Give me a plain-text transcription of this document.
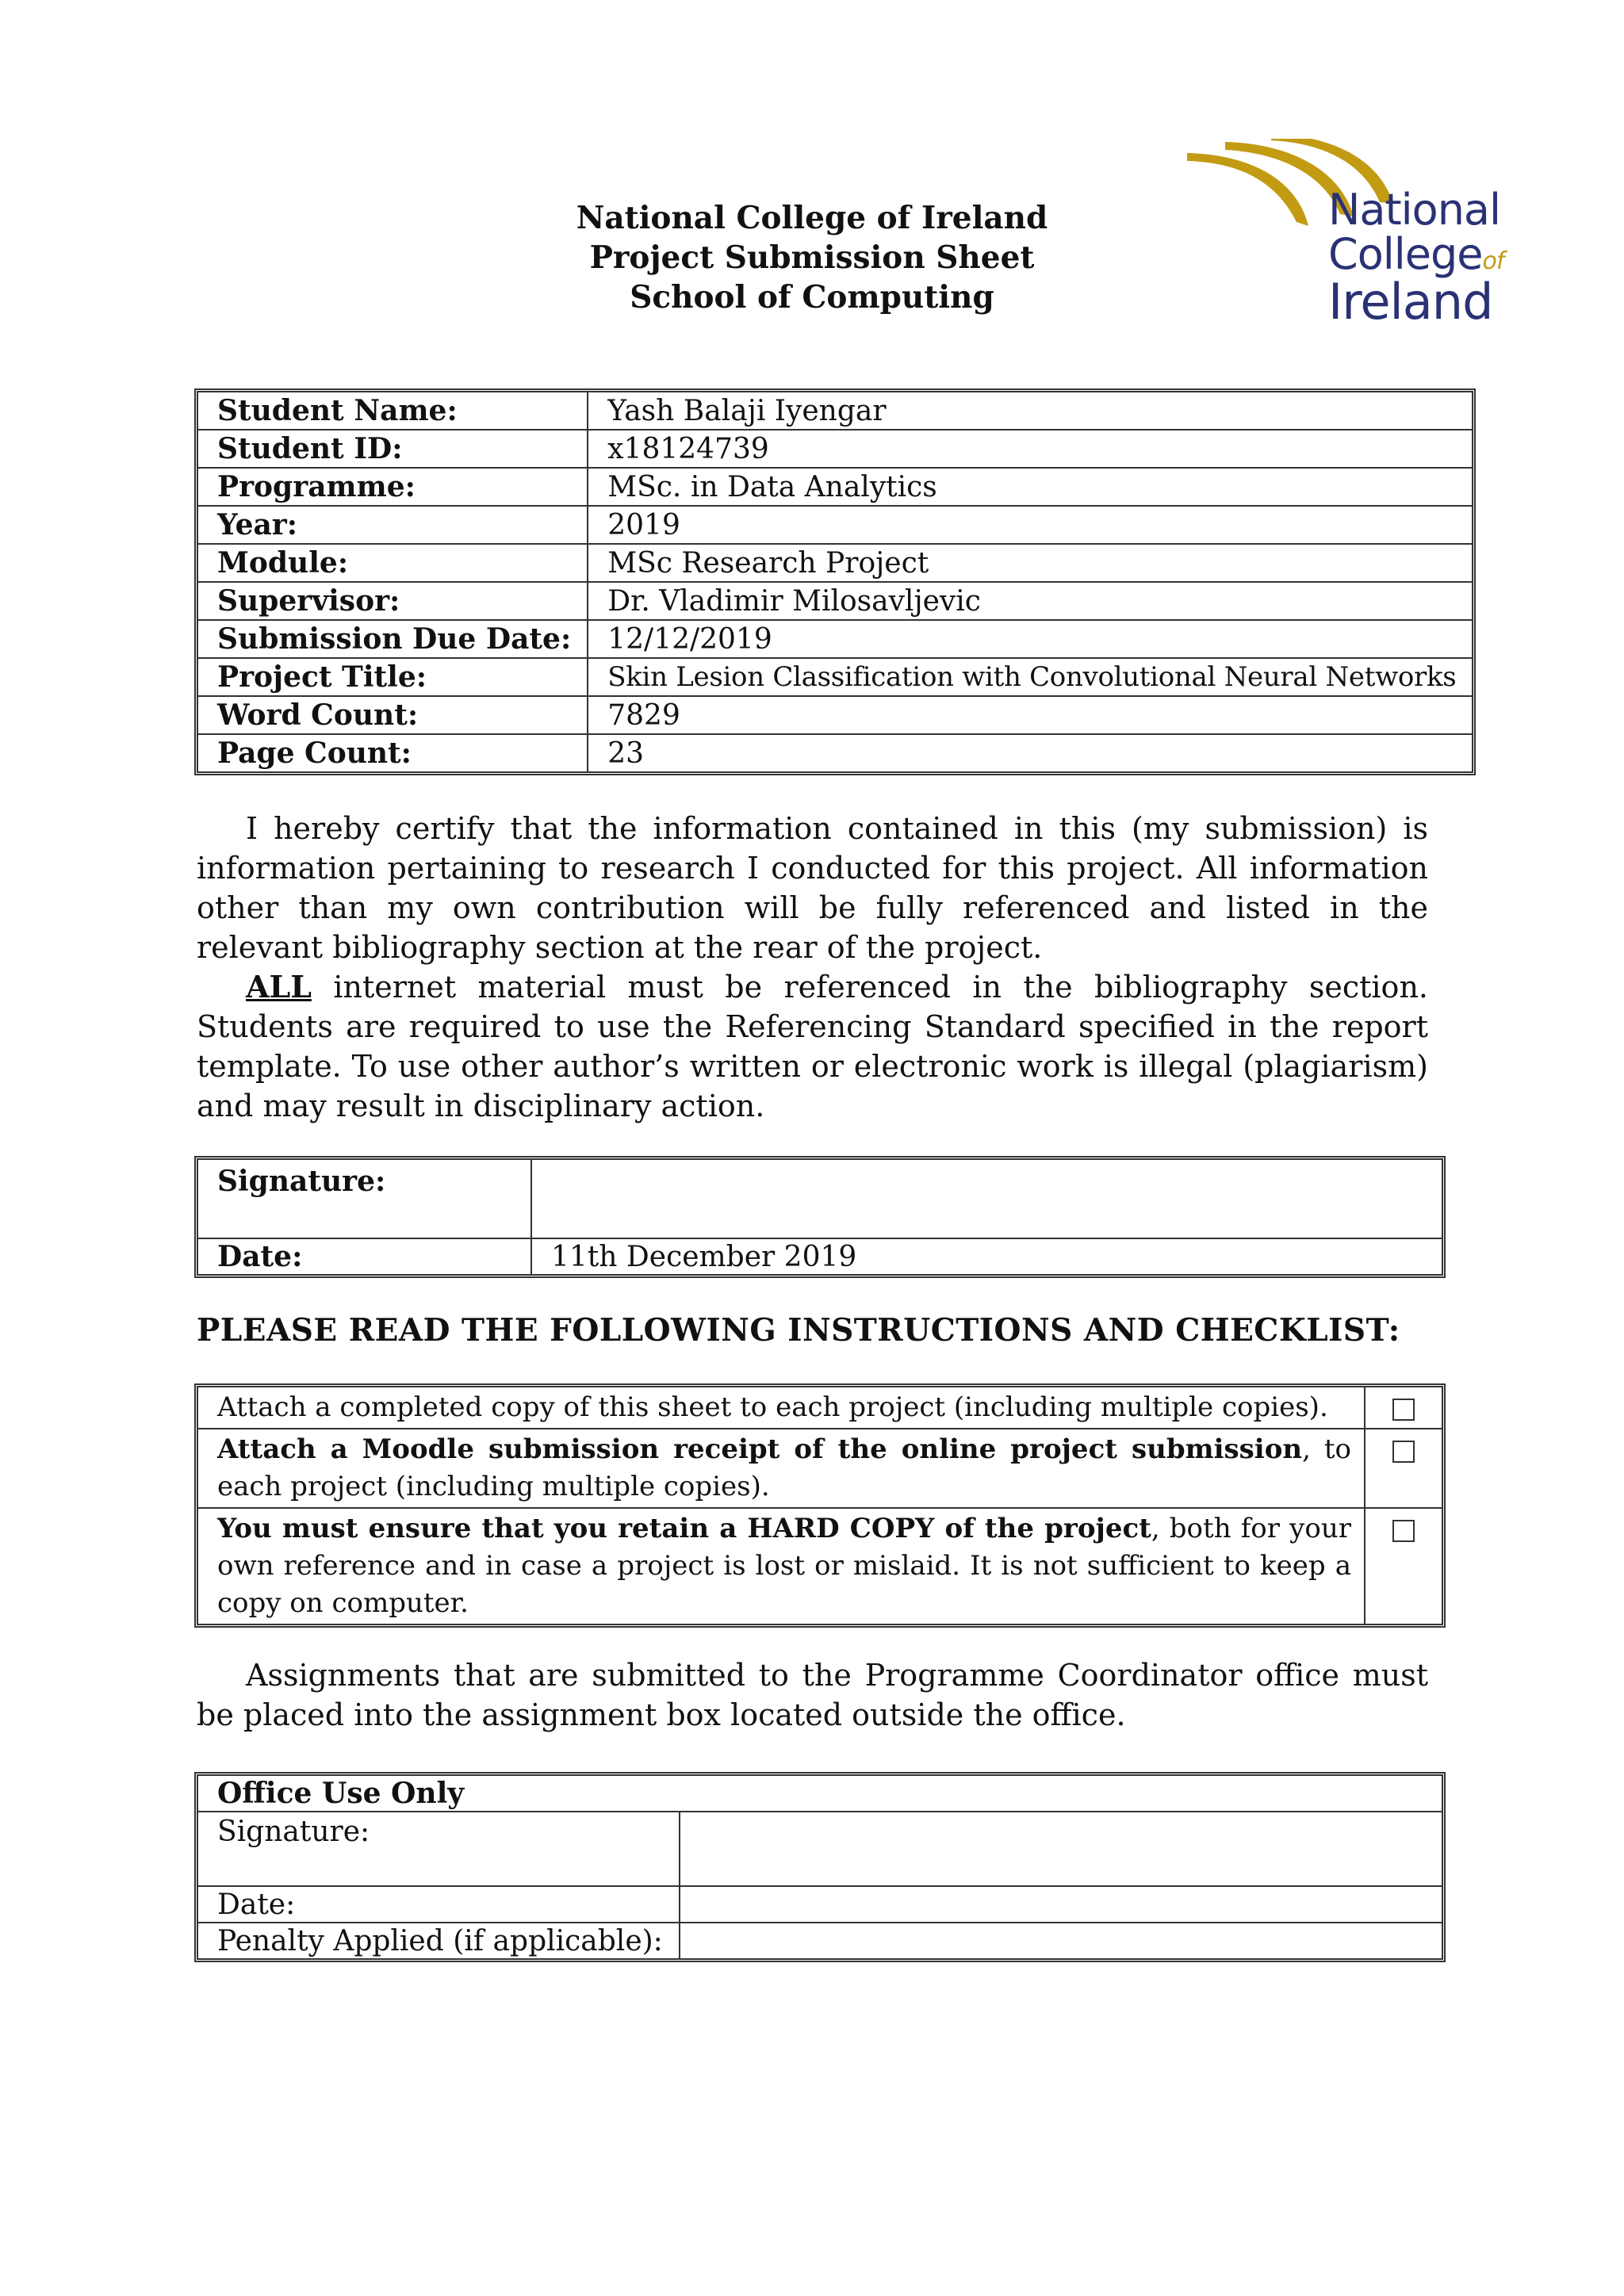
National College of Ireland
Project Submission Sheet
School of Computing
National
Collegeof
Ireland
Student Name:	Yash Balaji Iyengar
Student ID:	x18124739
Programme:	MSc. in Data Analytics
Year:	2019
Module:	MSc Research Project
Supervisor:	Dr. Vladimir Milosavljevic
Submission Due Date:	12/12/2019
Project Title:	Skin Lesion Classification with Convolutional Neural Networks
Word Count:	7829
Page Count:	23

I hereby certify that the information contained in this (my submission) is information pertaining to research I conducted for this project. All information other than my own contribution will be fully referenced and listed in the relevant bibliography section at the rear of the project.

ALL internet material must be referenced in the bibliography section. Students are required to use the Referencing Standard specified in the report template. To use other author’s written or electronic work is illegal (plagiarism) and may result in disciplinary action.

Signature:	
Date:	11th December 2019
PLEASE READ THE FOLLOWING INSTRUCTIONS AND CHECKLIST:
Attach a completed copy of this sheet to each project (including multiple copies).	
Attach a Moodle submission receipt of the online project submission, to each project (including multiple copies).	
You must ensure that you retain a HARD COPY of the project, both for your own reference and in case a project is lost or mislaid. It is not sufficient to keep a copy on computer.	

Assignments that are submitted to the Programme Coordinator office must be placed into the assignment box located outside the office.

Office Use Only	
Signature:	
Date:	
Penalty Applied (if applicable):	
